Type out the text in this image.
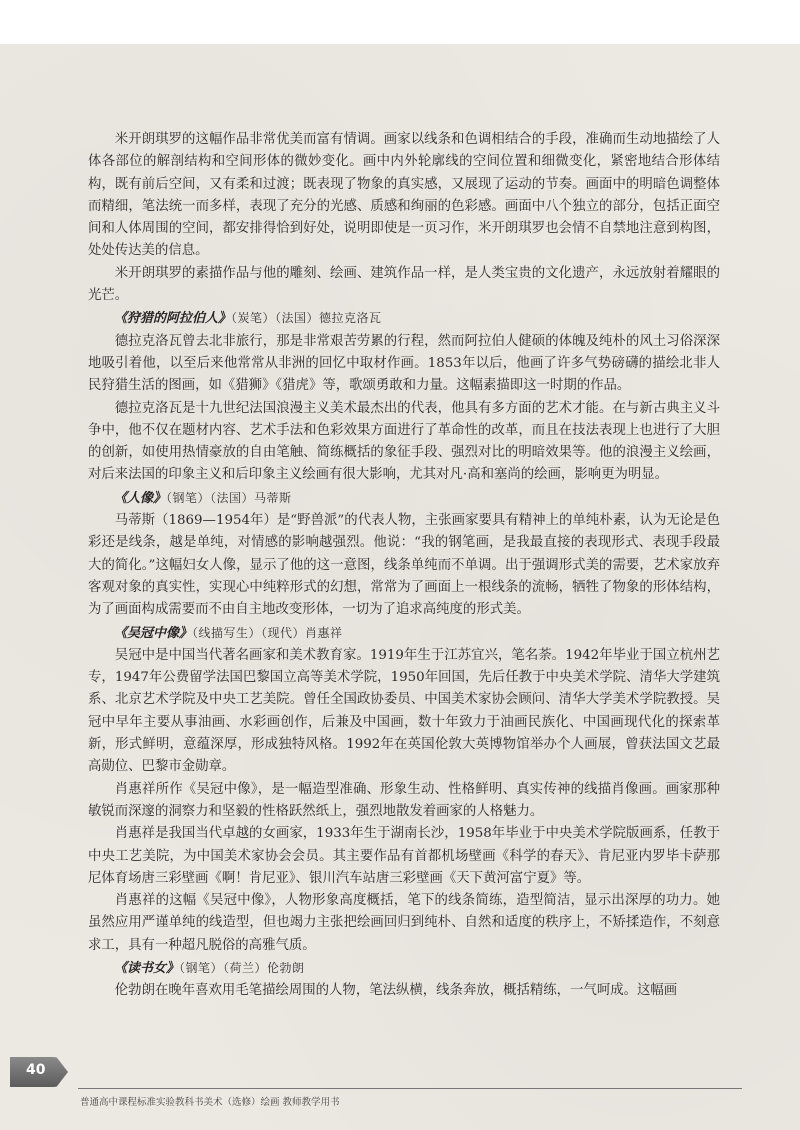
米开朗琪罗的这幅作品非常优美而富有情调。画家以线条和色调相结合的手段，准确而生动地描绘了人体各部位的解剖结构和空间形体的微妙变化。画中内外轮廓线的空间位置和细微变化，紧密地结合形体结构，既有前后空间，又有柔和过渡；既表现了物象的真实感，又展现了运动的节奏。画面中的明暗色调整体而精细，笔法统一而多样，表现了充分的光感、质感和绚丽的色彩感。画面中八个独立的部分，包括正面空间和人体周围的空间，都安排得恰到好处，说明即使是一页习作，米开朗琪罗也会情不自禁地注意到构图，处处传达美的信息。

米开朗琪罗的素描作品与他的雕刻、绘画、建筑作品一样，是人类宝贵的文化遗产，永远放射着耀眼的光芒。

《狩猎的阿拉伯人》（炭笔）（法国）德拉克洛瓦

德拉克洛瓦曾去北非旅行，那是非常艰苦劳累的行程，然而阿拉伯人健硕的体魄及纯朴的风土习俗深深地吸引着他，以至后来他常常从非洲的回忆中取材作画。1853年以后，他画了许多气势磅礴的描绘北非人民狩猎生活的图画，如《猎狮》《猎虎》等，歌颂勇敢和力量。这幅素描即这一时期的作品。

德拉克洛瓦是十九世纪法国浪漫主义美术最杰出的代表，他具有多方面的艺术才能。在与新古典主义斗争中，他不仅在题材内容、艺术手法和色彩效果方面进行了革命性的改革，而且在技法表现上也进行了大胆的创新，如使用热情豪放的自由笔触、简练概括的象征手段、强烈对比的明暗效果等。他的浪漫主义绘画，对后来法国的印象主义和后印象主义绘画有很大影响，尤其对凡·高和塞尚的绘画，影响更为明显。

《人像》（钢笔）（法国）马蒂斯

马蒂斯（1869—1954年）是“野兽派”的代表人物，主张画家要具有精神上的单纯朴素，认为无论是色彩还是线条，越是单纯，对情感的影响越强烈。他说：“我的钢笔画，是我最直接的表现形式、表现手段最大的简化。”这幅妇女人像，显示了他的这一意图，线条单纯而不单调。出于强调形式美的需要，艺术家放弃客观对象的真实性，实现心中纯粹形式的幻想，常常为了画面上一根线条的流畅，牺牲了物象的形体结构，为了画面构成需要而不由自主地改变形体，一切为了追求高纯度的形式美。

《吴冠中像》（线描写生）（现代）肖惠祥

吴冠中是中国当代著名画家和美术教育家。1919年生于江苏宜兴，笔名荼。1942年毕业于国立杭州艺专，1947年公费留学法国巴黎国立高等美术学院，1950年回国，先后任教于中央美术学院、清华大学建筑系、北京艺术学院及中央工艺美院。曾任全国政协委员、中国美术家协会顾问、清华大学美术学院教授。吴冠中早年主要从事油画、水彩画创作，后兼及中国画，数十年致力于油画民族化、中国画现代化的探索革新，形式鲜明，意蕴深厚，形成独特风格。1992年在英国伦敦大英博物馆举办个人画展，曾获法国文艺最高勋位、巴黎市金勋章。

肖惠祥所作《吴冠中像》，是一幅造型准确、形象生动、性格鲜明、真实传神的线描肖像画。画家那种敏锐而深邃的洞察力和坚毅的性格跃然纸上，强烈地散发着画家的人格魅力。

肖惠祥是我国当代卓越的女画家，1933年生于湖南长沙，1958年毕业于中央美术学院版画系，任教于中央工艺美院，为中国美术家协会会员。其主要作品有首都机场壁画《科学的春天》、肯尼亚内罗毕卡萨那尼体育场唐三彩壁画《啊！肯尼亚》、银川汽车站唐三彩壁画《天下黄河富宁夏》等。

肖惠祥的这幅《吴冠中像》，人物形象高度概括，笔下的线条简练，造型简洁，显示出深厚的功力。她虽然应用严谨单纯的线造型，但也竭力主张把绘画回归到纯朴、自然和适度的秩序上，不矫揉造作，不刻意求工，具有一种超凡脱俗的高雅气质。

《读书女》（钢笔）（荷兰）伦勃朗

伦勃朗在晚年喜欢用毛笔描绘周围的人物，笔法纵横，线条奔放，概括精练，一气呵成。这幅画

40
普通高中课程标准实验教科书美术（选修）绘画 教师教学用书
